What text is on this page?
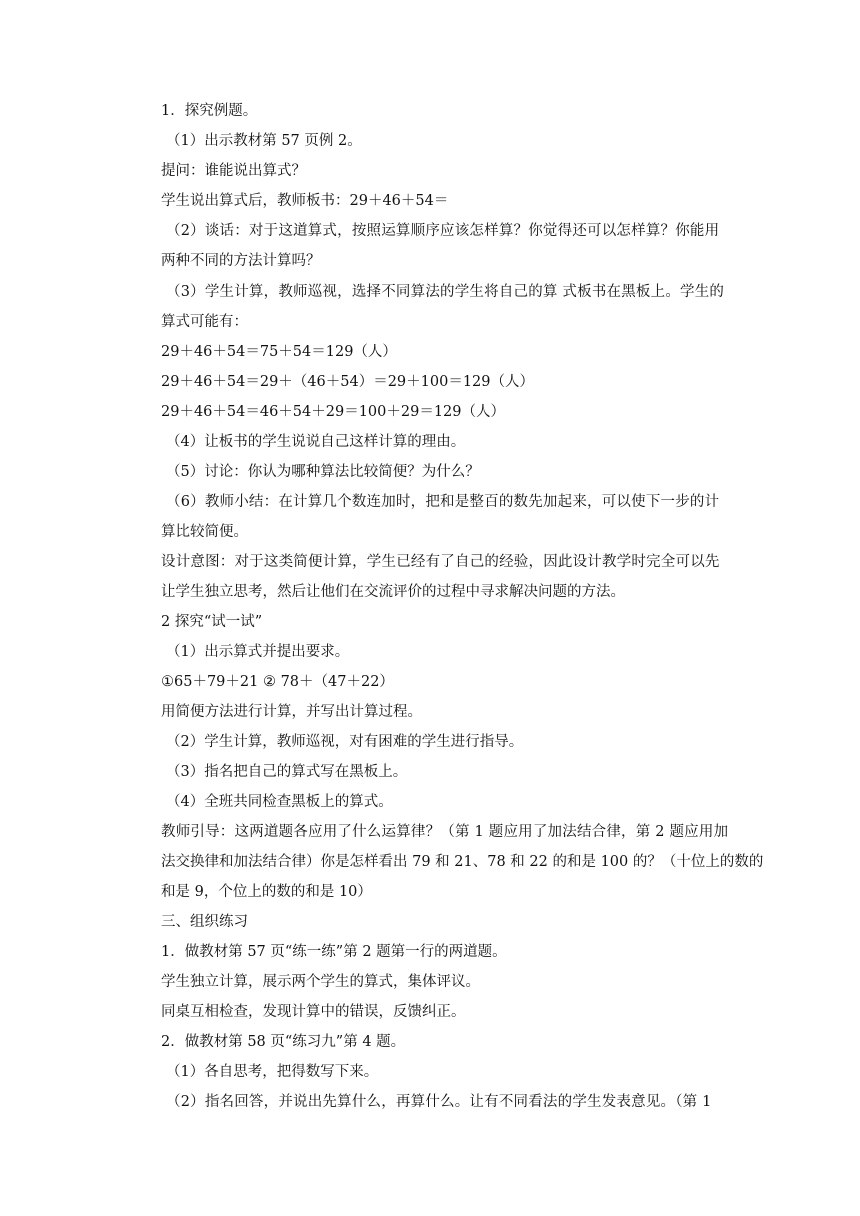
1．探究例题。

（1）出示教材第 57 页例 2。

提问：谁能说出算式？

学生说出算式后，教师板书：29＋46＋54＝

（2）谈话：对于这道算式，按照运算顺序应该怎样算？你觉得还可以怎样算？你能用

两种不同的方法计算吗？

（3）学生计算，教师巡视，选择不同算法的学生将自己的算 式板书在黑板上。学生的

算式可能有：

29＋46＋54＝75＋54＝129（人）

29＋46＋54＝29＋（46＋54）＝29＋100＝129（人）

29＋46＋54＝46＋54＋29＝100＋29＝129（人）

（4）让板书的学生说说自己这样计算的理由。

（5）讨论：你认为哪种算法比较简便？为什么？

（6）教师小结：在计算几个数连加时，把和是整百的数先加起来，可以使下一步的计

算比较简便。

设计意图：对于这类简便计算，学生已经有了自己的经验，因此设计教学时完全可以先

让学生独立思考，然后让他们在交流评价的过程中寻求解决问题的方法。

2 探究“试一试”

（1）出示算式并提出要求。

①65＋79＋21 ② 78＋（47＋22）

用简便方法进行计算，并写出计算过程。

（2）学生计算，教师巡视，对有困难的学生进行指导。

（3）指名把自己的算式写在黑板上。

（4）全班共同检查黑板上的算式。

教师引导：这两道题各应用了什么运算律？（第 1 题应用了加法结合律，第 2 题应用加

法交换律和加法结合律）你是怎样看出 79 和 21、78 和 22 的和是 100 的？（十位上的数的

和是 9，个位上的数的和是 10）

三、组织练习

1．做教材第 57 页“练一练”第 2 题第一行的两道题。

学生独立计算，展示两个学生的算式，集体评议。

同桌互相检查，发现计算中的错误，反馈纠正。

2．做教材第 58 页“练习九”第 4 题。

（1）各自思考，把得数写下来。

（2）指名回答，并说出先算什么，再算什么。让有不同看法的学生发表意见。（第 1
